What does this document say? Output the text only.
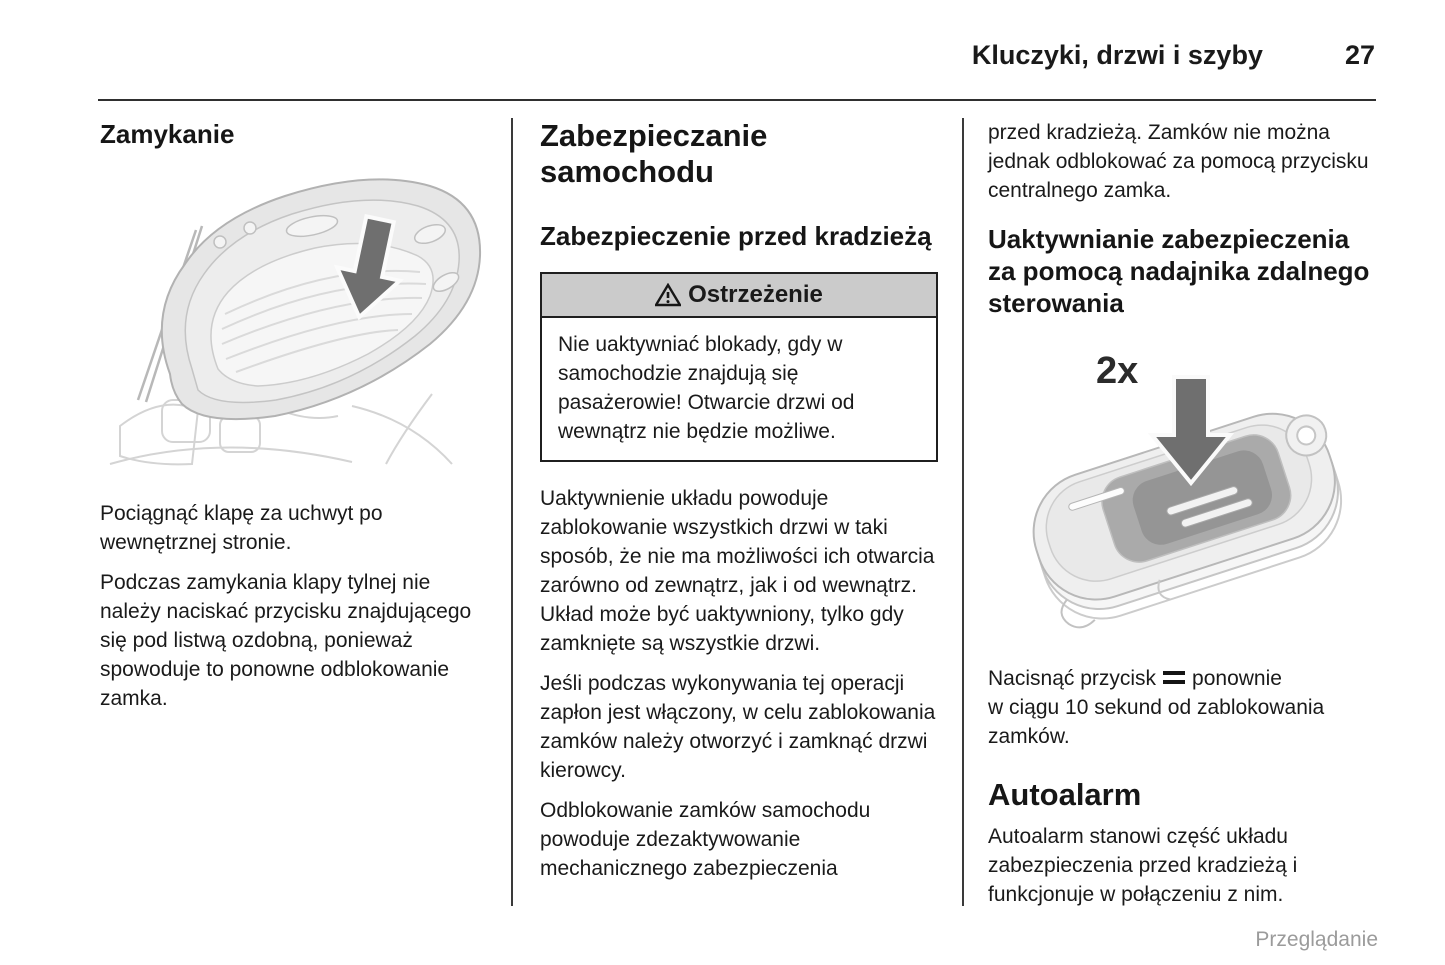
Kluczyki, drzwi i szyby	27
Zamykanie

Pociągnąć klapę za uchwyt po wewnętrznej stronie.

Podczas zamykania klapy tylnej nie należy naciskać przycisku znajdującego się pod listwą ozdobną, ponieważ spowoduje to ponowne odblokowanie zamka.

Zabezpieczanie samochodu
Zabezpieczenie przed kradzieżą
Ostrzeżenie

Nie uaktywniać blokady, gdy w samochodzie znajdują się pasażerowie! Otwarcie drzwi od wewnątrz nie będzie możliwe.

Uaktywnienie układu powoduje zablokowanie wszystkich drzwi w taki sposób, że nie ma możliwości ich otwarcia zarówno od zewnątrz, jak i od wewnątrz. Układ może być uaktywniony, tylko gdy zamknięte są wszystkie drzwi.

Jeśli podczas wykonywania tej operacji zapłon jest włączony, w celu zablokowania zamków należy otworzyć i zamknąć drzwi kierowcy.

Odblokowanie zamków samochodu powoduje zdezaktywowanie mechanicznego zabezpieczenia

przed kradzieżą. Zamków nie można jednak odblokować za pomocą przycisku centralnego zamka.

Uaktywnianie zabezpieczenia za pomocą nadajnika zdalnego sterowania
2x

Nacisnąć przycisk ponownie
w ciągu 10 sekund od zablokowania
zamków.

Autoalarm

Autoalarm stanowi część układu zabezpieczenia przed kradzieżą i funkcjonuje w połączeniu z nim.

Przeglądanie
